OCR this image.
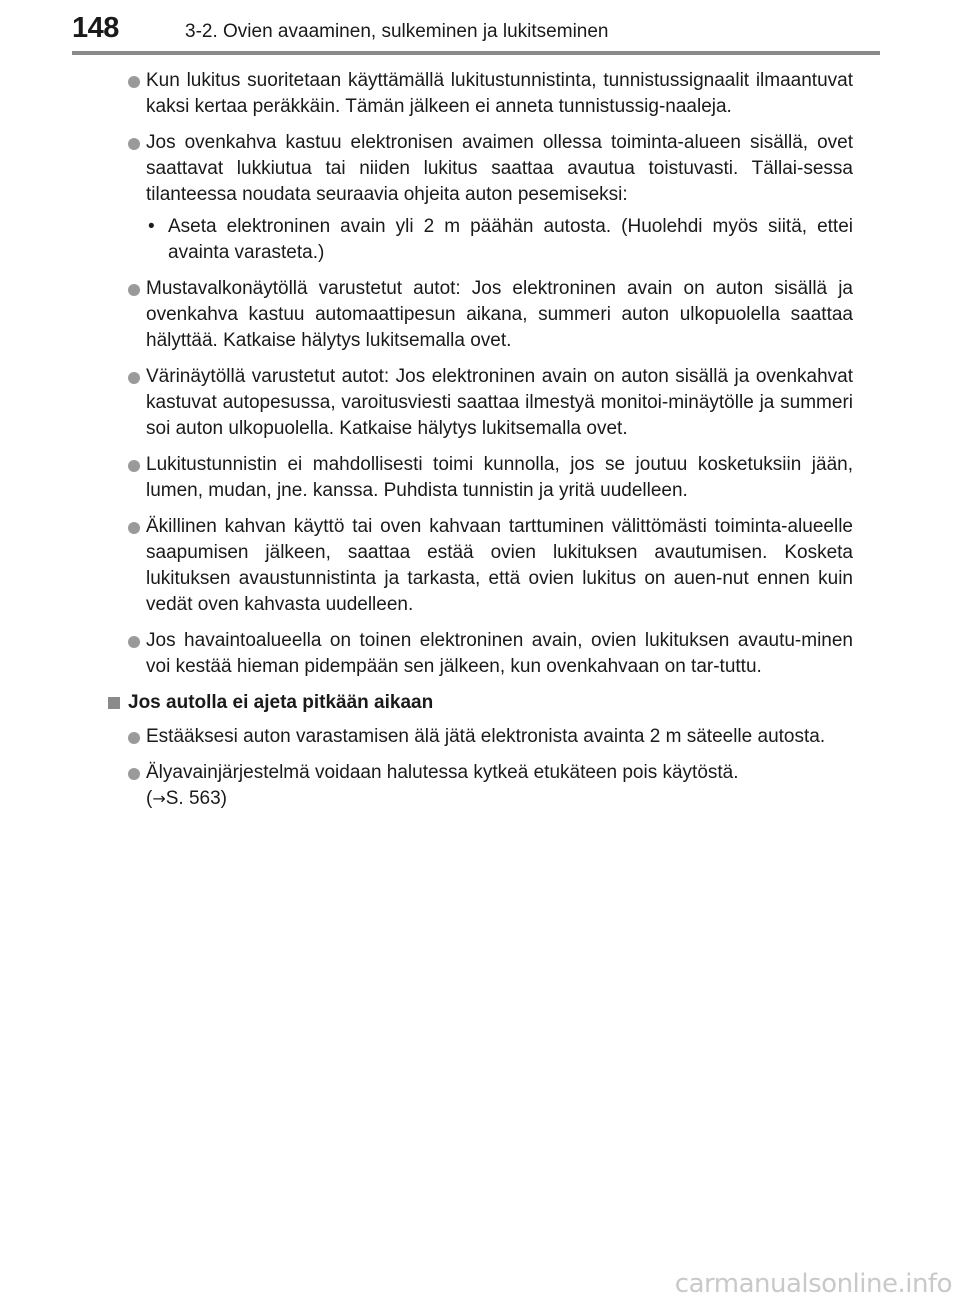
148	3-2. Ovien avaaminen, sulkeminen ja lukitseminen
Kun lukitus suoritetaan käyttämällä lukitustunnistinta, tunnistussignaalit ilmaantuvat kaksi kertaa peräkkäin. Tämän jälkeen ei anneta tunnistussig-naaleja.
Jos ovenkahva kastuu elektronisen avaimen ollessa toiminta-alueen sisällä, ovet saattavat lukkiutua tai niiden lukitus saattaa avautua toistuvasti. Tällai-sessa tilanteessa noudata seuraavia ohjeita auton pesemiseksi:
• Aseta elektroninen avain yli 2 m päähän autosta. (Huolehdi myös siitä, ettei avainta varasteta.)
Mustavalkonäytöllä varustetut autot: Jos elektroninen avain on auton sisällä ja ovenkahva kastuu automaattipesun aikana, summeri auton ulkopuolella saattaa hälyttää. Katkaise hälytys lukitsemalla ovet.
Värinäytöllä varustetut autot: Jos elektroninen avain on auton sisällä ja ovenkahvat kastuvat autopesussa, varoitusviesti saattaa ilmestyä monitoi-minäytölle ja summeri soi auton ulkopuolella. Katkaise hälytys lukitsemalla ovet.
Lukitustunnistin ei mahdollisesti toimi kunnolla, jos se joutuu kosketuksiin jään, lumen, mudan, jne. kanssa. Puhdista tunnistin ja yritä uudelleen.
Äkillinen kahvan käyttö tai oven kahvaan tarttuminen välittömästi toiminta-alueelle saapumisen jälkeen, saattaa estää ovien lukituksen avautumisen. Kosketa lukituksen avaustunnistinta ja tarkasta, että ovien lukitus on auen-nut ennen kuin vedät oven kahvasta uudelleen.
Jos havaintoalueella on toinen elektroninen avain, ovien lukituksen avautu-minen voi kestää hieman pidempään sen jälkeen, kun ovenkahvaan on tar-tuttu.
Jos autolla ei ajeta pitkään aikaan
Estääksesi auton varastamisen älä jätä elektronista avainta 2 m säteelle autosta.
Älyavainjärjestelmä voidaan halutessa kytkeä etukäteen pois käytöstä.
(→S. 563)
carmanualsonline.info
